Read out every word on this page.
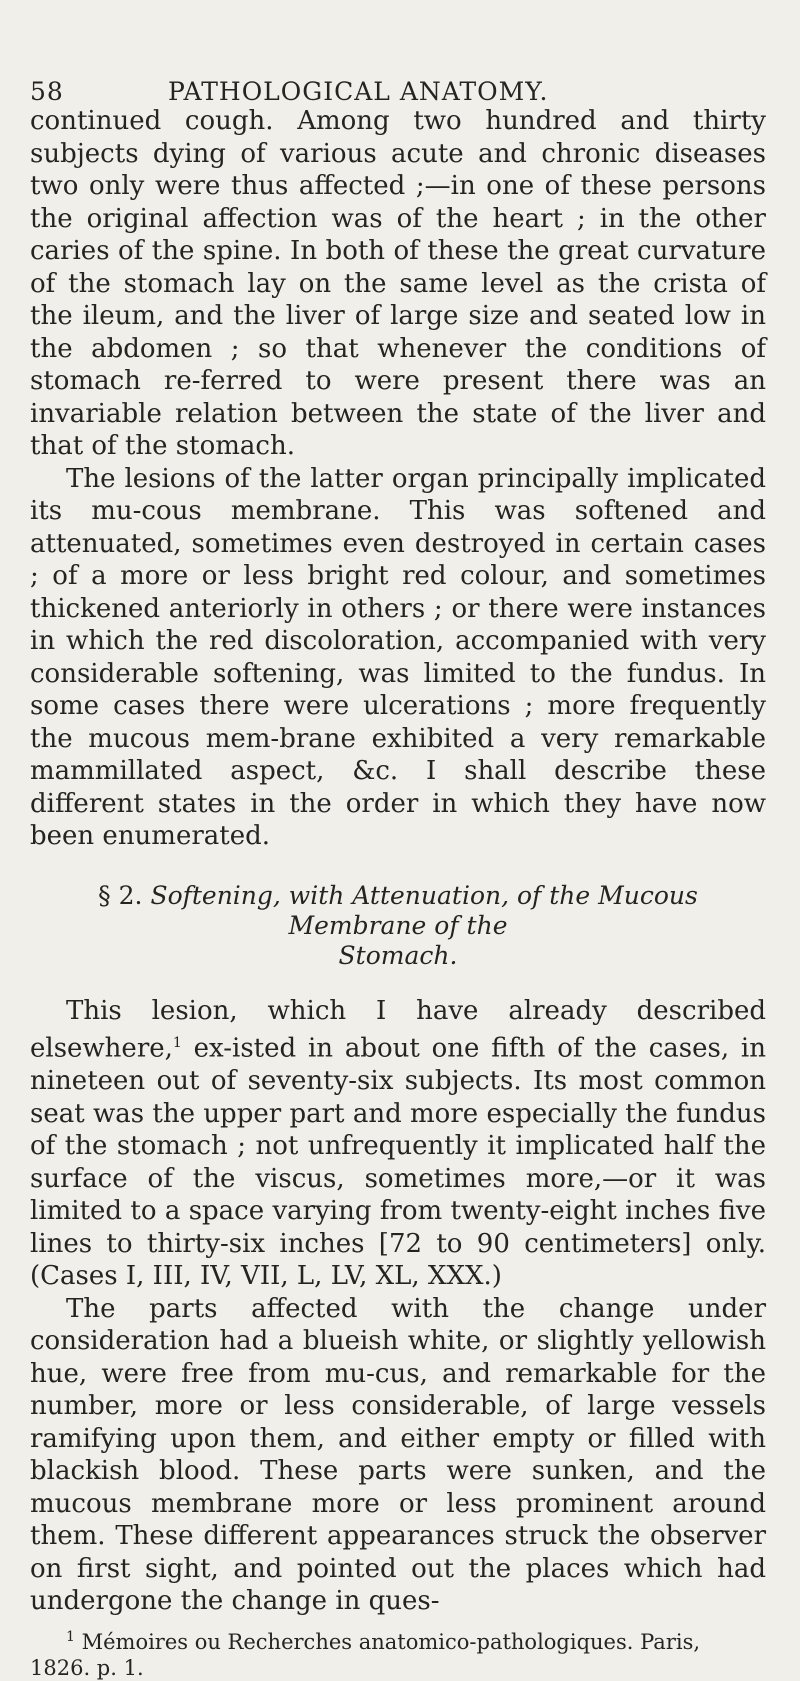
58	PATHOLOGICAL ANATOMY.

continued cough. Among two hundred and thirty subjects dying of various acute and chronic diseases two only were thus affected ;—in one of these persons the original affection was of the heart ; in the other caries of the spine. In both of these the great curvature of the stomach lay on the same level as the crista of the ileum, and the liver of large size and seated low in the abdomen ; so that whenever the conditions of stomach re-ferred to were present there was an invariable relation between the state of the liver and that of the stomach.

The lesions of the latter organ principally implicated its mu-cous membrane. This was softened and attenuated, sometimes even destroyed in certain cases ; of a more or less bright red colour, and sometimes thickened anteriorly in others ; or there were instances in which the red discoloration, accompanied with very considerable softening, was limited to the fundus. In some cases there were ulcerations ; more frequently the mucous mem-brane exhibited a very remarkable mammillated aspect, &c. I shall describe these different states in the order in which they have now been enumerated.

§ 2. Softening, with Attenuation, of the Mucous Membrane of the
Stomach.

This lesion, which I have already described elsewhere,$^1$ ex-isted in about one fifth of the cases, in nineteen out of seventy-six subjects. Its most common seat was the upper part and more especially the fundus of the stomach ; not unfrequently it implicated half the surface of the viscus, sometimes more,—or it was limited to a space varying from twenty-eight inches five lines to thirty-six inches [72 to 90 centimeters] only. (Cases I, III, IV, VII, L, LV, XL, XXX.)

The parts affected with the change under consideration had a blueish white, or slightly yellowish hue, were free from mu-cus, and remarkable for the number, more or less considerable, of large vessels ramifying upon them, and either empty or filled with blackish blood. These parts were sunken, and the mucous membrane more or less prominent around them. These different appearances struck the observer on first sight, and pointed out the places which had undergone the change in ques-

$^1$ Mémoires ou Recherches anatomico-pathologiques. Paris, 1826. p. 1.
